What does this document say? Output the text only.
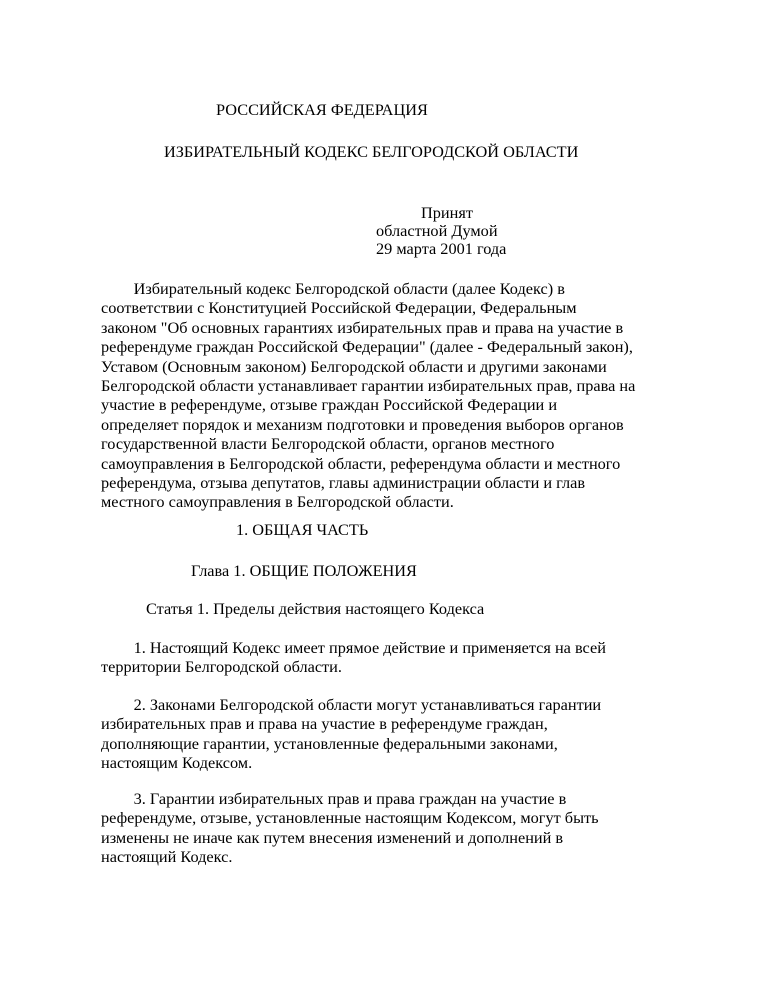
РОССИЙСКАЯ ФЕДЕРАЦИЯ
ИЗБИРАТЕЛЬНЫЙ КОДЕКС БЕЛГОРОДСКОЙ ОБЛАСТИ
Принят
областной Думой
29 марта 2001 года
Избирательный кодекс Белгородской области (далее Кодекс) в
соответствии с Конституцией Российской Федерации, Федеральным
законом "Об основных гарантиях избирательных прав и права на участие в
референдуме граждан Российской Федерации" (далее - Федеральный закон),
Уставом (Основным законом) Белгородской области и другими законами
Белгородской области устанавливает гарантии избирательных прав, права на
участие в референдуме, отзыве граждан Российской Федерации и
определяет порядок и механизм подготовки и проведения выборов органов
государственной власти Белгородской области, органов местного
самоуправления в Белгородской области, референдума области и местного
референдума, отзыва депутатов, главы администрации области и глав
местного самоуправления в Белгородской области.
1. ОБЩАЯ ЧАСТЬ
Глава 1. ОБЩИЕ ПОЛОЖЕНИЯ
Статья 1. Пределы действия настоящего Кодекса
1. Настоящий Кодекс имеет прямое действие и применяется на всей
территории Белгородской области.
2. Законами Белгородской области могут устанавливаться гарантии
избирательных прав и права на участие в референдуме граждан,
дополняющие гарантии, установленные федеральными законами,
настоящим Кодексом.
3. Гарантии избирательных прав и права граждан на участие в
референдуме, отзыве, установленные настоящим Кодексом, могут быть
изменены не иначе как путем внесения изменений и дополнений в
настоящий Кодекс.
